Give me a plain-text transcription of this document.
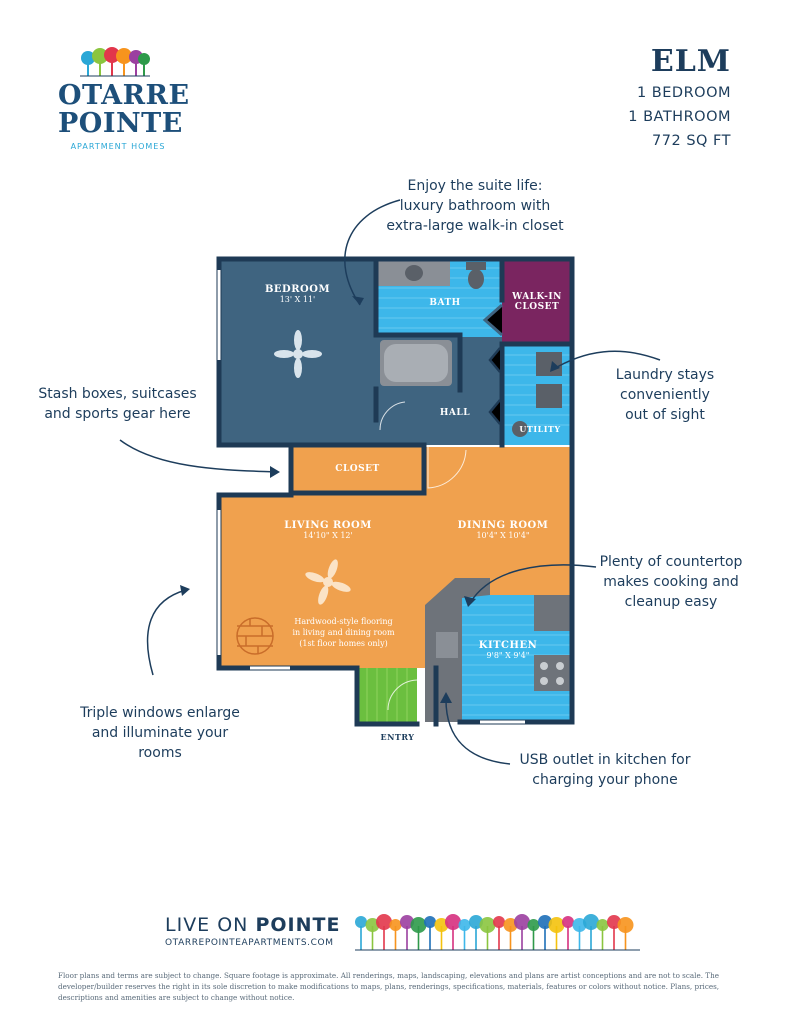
OTARRE
POINTE
APARTMENT HOMES
ELM
1 BEDROOM
1 BATHROOM
772 SQ FT
BEDROOM
13' X 11'	BATH
WALK-IN
CLOSET
HALL
UTILITY
CLOSET
LIVING ROOM
14'10" X 12'
DINING ROOM
10'4" X 10'4"
KITCHEN
9'8" X 9'4"
Hardwood-style flooring
in living and dining room
(1st floor homes only)
ENTRY
Enjoy the suite life:
luxury bathroom with
extra-large walk-in closet
Stash boxes, suitcases
and sports gear here
Laundry stays
conveniently
out of sight
Plenty of countertop
makes cooking and
cleanup easy
Triple windows enlarge
and illuminate your rooms	USB outlet in kitchen for
charging your phone
LIVE ON POINTE
OTARREPOINTEAPARTMENTS.COM
Floor plans and terms are subject to change. Square footage is approximate. All renderings, maps, landscaping, elevations and plans are artist conceptions and are not to scale. The developer/builder reserves the right in its sole discretion to make modifications to maps, plans, renderings, specifications, materials, features or colors without notice. Plans, prices, descriptions and amenities are subject to change without notice.
